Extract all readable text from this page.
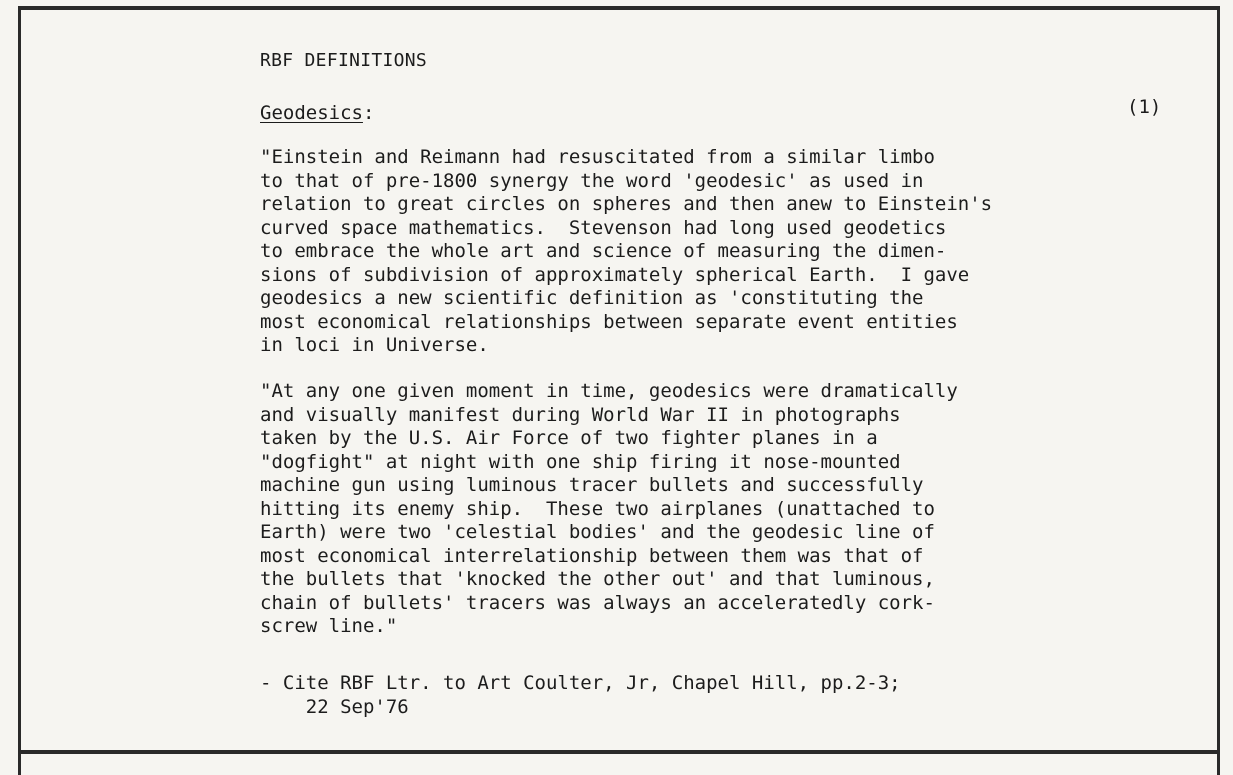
RBF DEFINITIONS

Geodesics:	(1)

"Einstein and Reimann had resuscitated from a similar limbo
to that of pre-1800 synergy the word 'geodesic' as used in
relation to great circles on spheres and then anew to Einstein's
curved space mathematics.  Stevenson had long used geodetics
to embrace the whole art and science of measuring the dimen-
sions of subdivision of approximately spherical Earth.  I gave
geodesics a new scientific definition as 'constituting the
most economical relationships between separate event entities
in loci in Universe.

"At any one given moment in time, geodesics were dramatically
and visually manifest during World War II in photographs
taken by the U.S. Air Force of two fighter planes in a
"dogfight" at night with one ship firing it nose-mounted
machine gun using luminous tracer bullets and successfully
hitting its enemy ship.  These two airplanes (unattached to
Earth) were two 'celestial bodies' and the geodesic line of
most economical interrelationship between them was that of
the bullets that 'knocked the other out' and that luminous,
chain of bullets' tracers was always an acceleratedly cork-
screw line."

- Cite RBF Ltr. to Art Coulter, Jr, Chapel Hill, pp.2-3;
22 Sep'76
